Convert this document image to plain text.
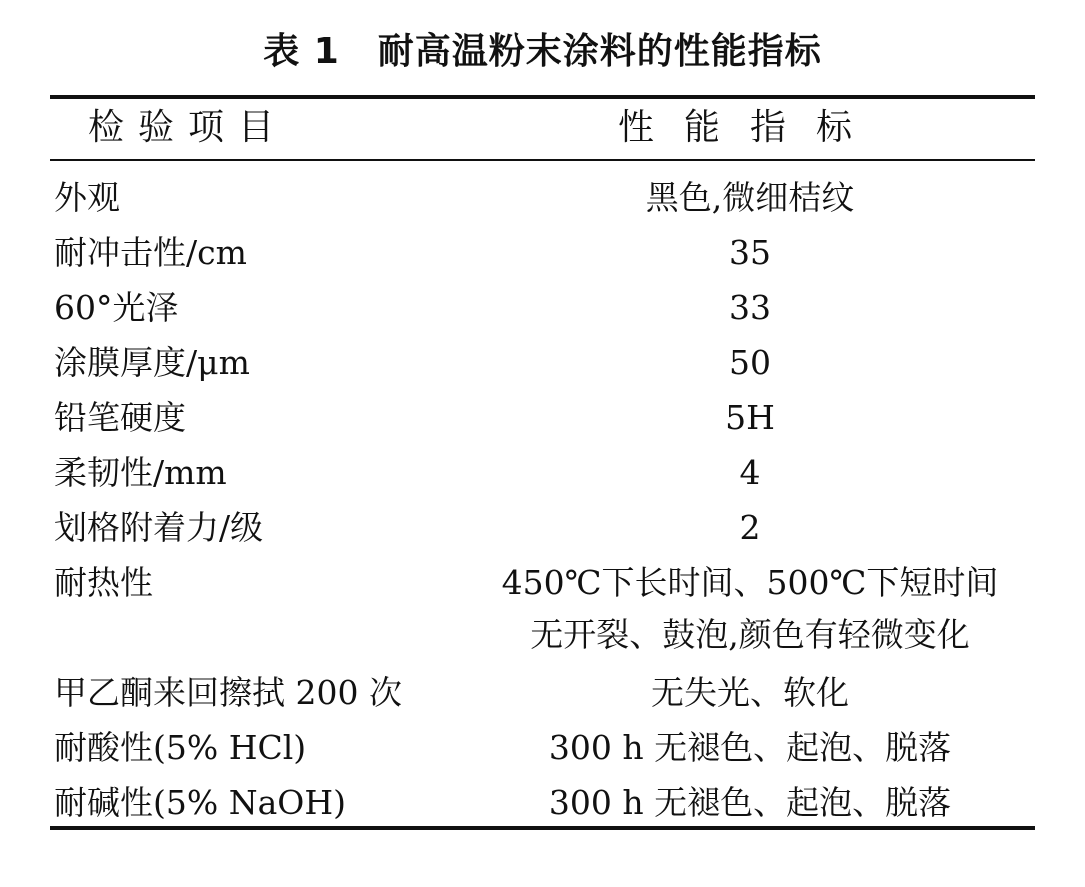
表 1 耐高温粉末涂料的性能指标
检验项目	性能指标
外观	黑色,微细桔纹
耐冲击性/cm	35
60°光泽	33
涂膜厚度/μm	50
铅笔硬度	5H
柔韧性/mm	4
划格附着力/级	2
耐热性	450℃下长时间、500℃下短时间
无开裂、鼓泡,颜色有轻微变化
甲乙酮来回擦拭 200 次	无失光、软化
耐酸性(5% HCl)	300 h 无褪色、起泡、脱落
耐碱性(5% NaOH)	300 h 无褪色、起泡、脱落
